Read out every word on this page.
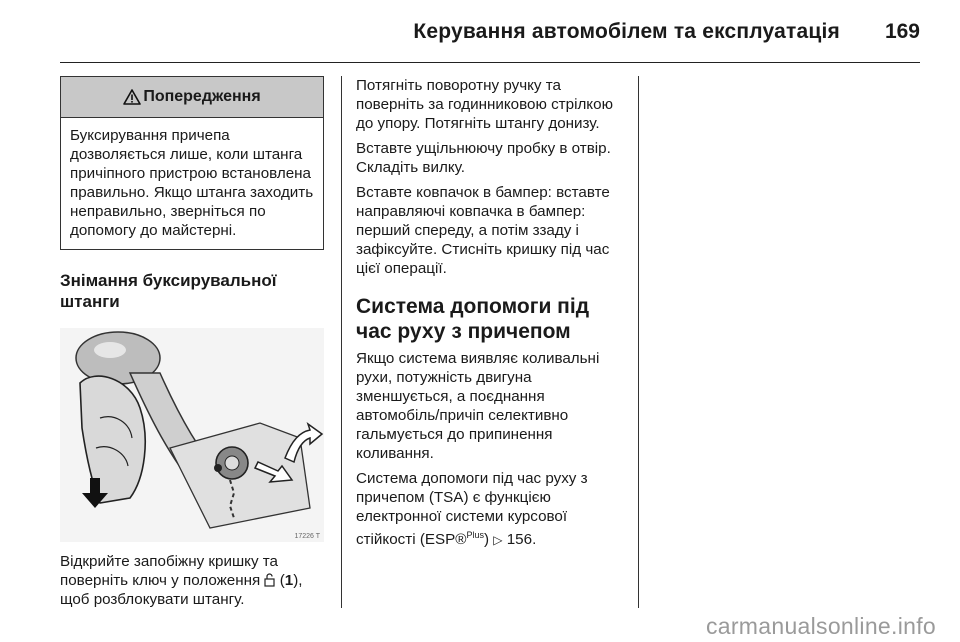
Керування автомобілем та експлуатація 169
Попередження
Буксирування причепа дозволяється лише, коли штанга причіпного пристрою встановлена правильно. Якщо штанга заходить неправильно, зверніться по допомогу до майстерні.
Знімання буксирувальної штанги
17226 T

Відкрийте запобіжну кришку та поверніть ключ у положення  (1), щоб розблокувати штангу.

Потягніть поворотну ручку та поверніть за годинниковою стрілкою до упору. Потягніть штангу донизу.

Вставте ущільнюючу пробку в отвір. Складіть вилку.

Вставте ковпачок в бампер: вставте направляючі ковпачка в бампер: перший спереду, а потім ззаду і зафіксуйте. Стисніть кришку під час цієї операції.

Система допомоги під час руху з причепом

Якщо система виявляє коливальні рухи, потужність двигуна зменшується, а поєднання автомобіль/причіп селективно гальмується до припинення коливання.

Система допомоги під час руху з причепом (TSA) є функцією електронної системи курсової стійкості (ESP®$^{Plus}$) ▷ 156.

carmanualsonline.info
